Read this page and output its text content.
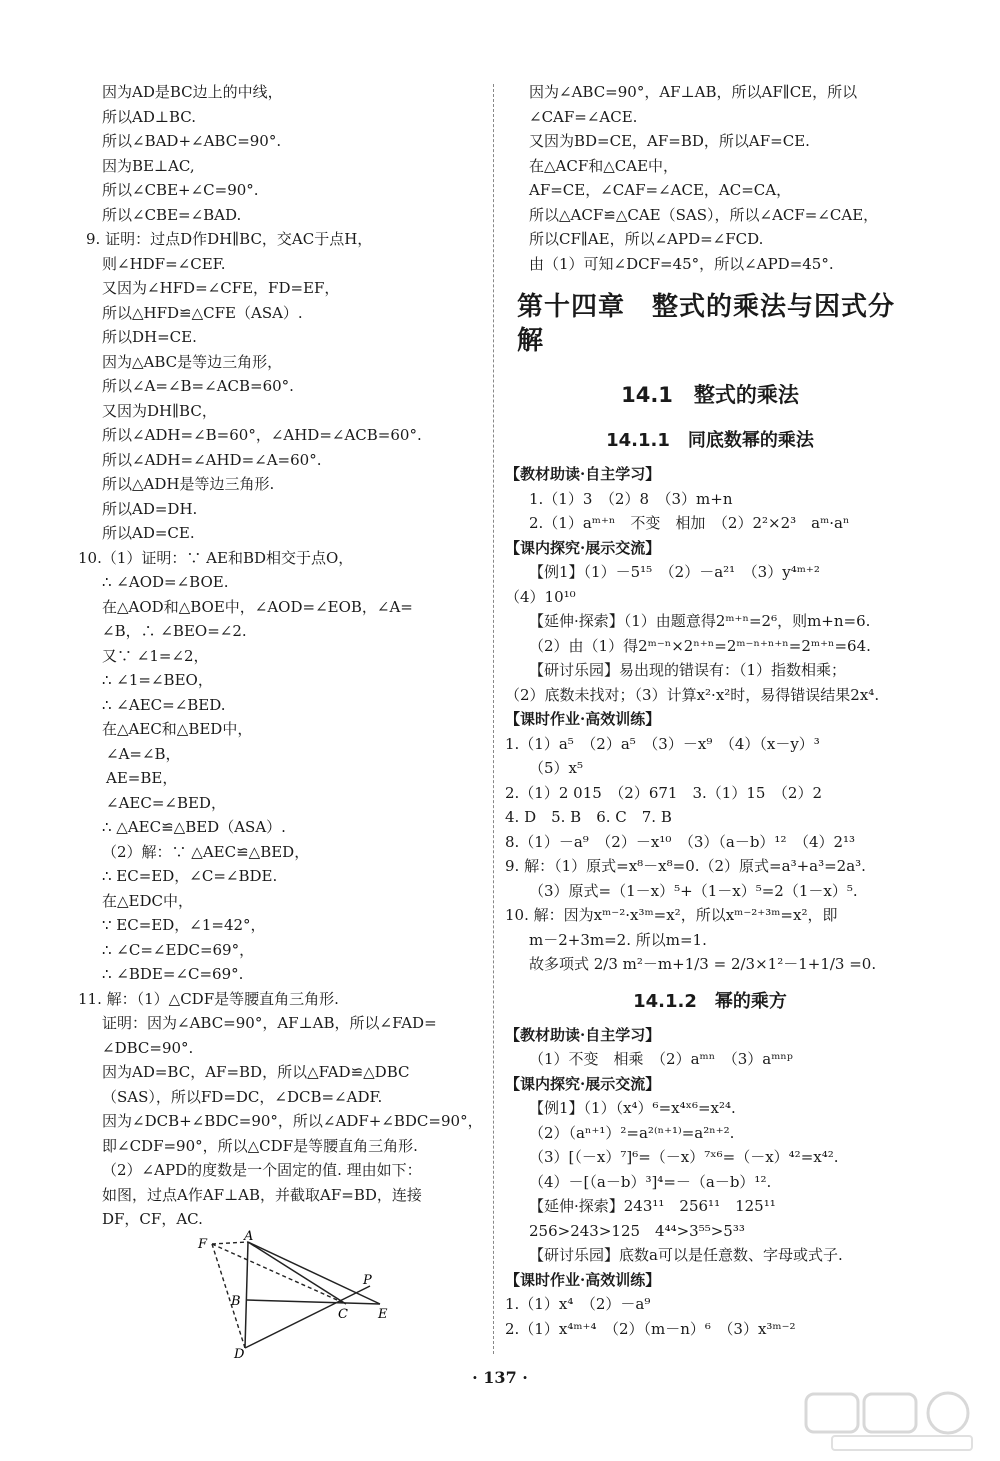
因为AD是BC边上的中线，
所以AD⊥BC.
所以∠BAD+∠ABC=90°.
因为BE⊥AC,
所以∠CBE+∠C=90°.
所以∠CBE=∠BAD.
9. 证明：过点D作DH∥BC，交AC于点H，
则∠HDF=∠CEF.
又因为∠HFD=∠CFE，FD=EF，
所以△HFD≌△CFE（ASA）.
所以DH=CE.
因为△ABC是等边三角形，
所以∠A=∠B=∠ACB=60°.
又因为DH∥BC，
所以∠ADH=∠B=60°，∠AHD=∠ACB=60°.
所以∠ADH=∠AHD=∠A=60°.
所以△ADH是等边三角形.
所以AD=DH.
所以AD=CE.
10.（1）证明：∵ AE和BD相交于点O，
∴ ∠AOD=∠BOE.
在△AOD和△BOE中，∠AOD=∠EOB，∠A=
∠B，∴ ∠BEO=∠2.
又∵ ∠1=∠2，
∴ ∠1=∠BEO，
∴ ∠AEC=∠BED.
在△AEC和△BED中，
∠A=∠B，
AE=BE，
∠AEC=∠BED，
∴ △AEC≌△BED（ASA）.
（2）解：∵ △AEC≌△BED，
∴ EC=ED，∠C=∠BDE.
在△EDC中，
∵ EC=ED，∠1=42°，
∴ ∠C=∠EDC=69°，
∴ ∠BDE=∠C=69°.
11. 解：（1）△CDF是等腰直角三角形.
证明：因为∠ABC=90°，AF⊥AB，所以∠FAD=
∠DBC=90°.
因为AD=BC，AF=BD，所以△FAD≌△DBC
（SAS），所以FD=DC，∠DCB=∠ADF.
因为∠DCB+∠BDC=90°，所以∠ADF+∠BDC=90°，
即∠CDF=90°，所以△CDF是等腰直角三角形.
（2）∠APD的度数是一个固定的值. 理由如下：
如图，过点A作AF⊥AB，并截取AF=BD，连接
DF，CF，AC.
F
A
B
C
D
P
E
因为∠ABC=90°，AF⊥AB，所以AF∥CE，所以
∠CAF=∠ACE.
又因为BD=CE，AF=BD，所以AF=CE.
在△ACF和△CAE中，
AF=CE，∠CAF=∠ACE，AC=CA，
所以△ACF≌△CAE（SAS），所以∠ACF=∠CAE，
所以CF∥AE，所以∠APD=∠FCD.
由（1）可知∠DCF=45°，所以∠APD=45°.
第十四章　整式的乘法与因式分解
14.1　整式的乘法
14.1.1　同底数幂的乘法
【教材助读·自主学习】
1.（1）3　（2）8　（3）m+n
2.（1）aᵐ⁺ⁿ　不变　相加　（2）2²×2³　aᵐ·aⁿ
【课内探究·展示交流】
【例1】（1）－5¹⁵　（2）－a²¹　（3）y⁴ᵐ⁺²
（4）10¹⁰
【延伸·探索】（1）由题意得2ᵐ⁺ⁿ=2⁶，则m+n=6.
（2）由（1）得2ᵐ⁻ⁿ×2ⁿ⁺ⁿ=2ᵐ⁻ⁿ⁺ⁿ⁺ⁿ=2ᵐ⁺ⁿ=64.
【研讨乐园】易出现的错误有：（1）指数相乘；
（2）底数未找对；（3）计算x²·x²时，易得错误结果2x⁴.
【课时作业·高效训练】
1.（1）a⁵　（2）a⁵　（3）－x⁹　（4）（x－y）³
（5）x⁵
2.（1）2 015　（2）671　3.（1）15　（2）2
4. D　5. B　6. C　7. B
8.（1）－a⁹　（2）－x¹⁰　（3）（a－b）¹²　（4）2¹³
9. 解：（1）原式=x⁸－x⁸=0.（2）原式=a³+a³=2a³.
（3）原式=（1－x）⁵+（1－x）⁵=2（1－x）⁵.
10. 解：因为xᵐ⁻²·x³ᵐ=x²，所以xᵐ⁻²⁺³ᵐ=x²，即
m－2+3m=2. 所以m=1.
故多项式 2/3 m²－m+1/3 = 2/3×1²－1+1/3 =0.
14.1.2　幂的乘方
【教材助读·自主学习】
（1）不变　相乘　（2）aᵐⁿ　（3）aᵐⁿᵖ
【课内探究·展示交流】
【例1】（1）（x⁴）⁶=x⁴ˣ⁶=x²⁴.
（2）（aⁿ⁺¹）²=a²⁽ⁿ⁺¹⁾=a²ⁿ⁺².
（3）[（－x）⁷]⁶=（－x）⁷ˣ⁶=（－x）⁴²=x⁴².
（4）－[（a－b）³]⁴=－（a－b）¹².
【延伸·探索】243¹¹　256¹¹　125¹¹
256>243>125　4⁴⁴>3⁵⁵>5³³
【研讨乐园】底数a可以是任意数、字母或式子.
【课时作业·高效训练】
1.（1）x⁴　（2）－a⁹
2.（1）x⁴ᵐ⁺⁴　（2）（m－n）⁶　（3）x³ᵐ⁻²
· 137 ·
